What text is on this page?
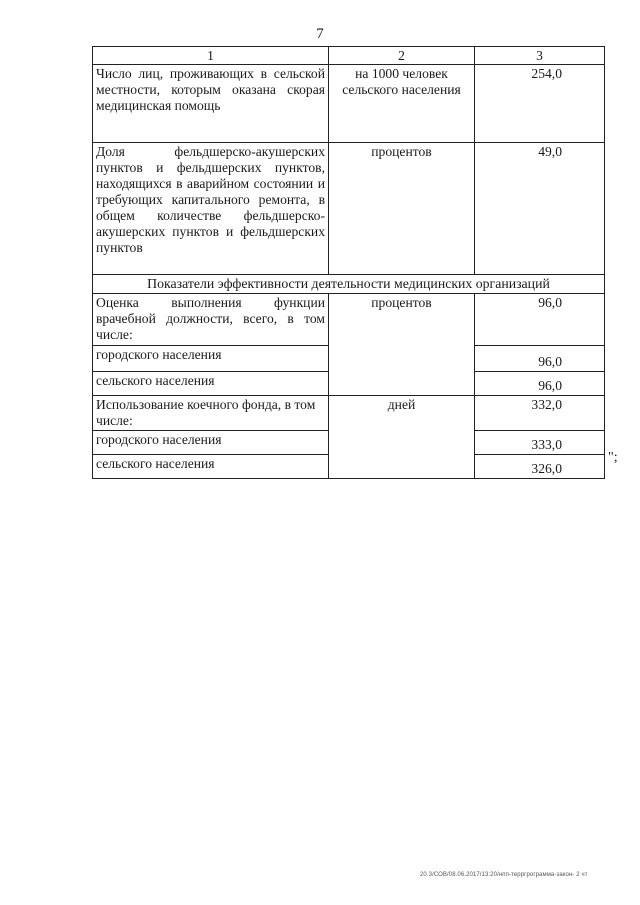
7
1	2	3
Число лиц, проживающих в сельской местности, которым оказана скорая медицинская помощь	на 1000 человек сельского населения	254,0
Доля фельдшерско-акушерских пунктов и фельдшерских пунктов, находящихся в аварийном состоянии и требующих капитального ремонта, в общем количестве фельдшерско-акушерских пунктов и фельдшерских пунктов	процентов	49,0
Показатели эффективности деятельности медицинских организаций		
Оценка выполнения функции врачебной должности, всего, в том числе:	процентов	96,0
городского населения		96,0
сельского населения		96,0
Использование коечного фонда, в том числе:	дней	332,0
городского населения		333,0
сельского населения		326,0
";
20.3/СОВ/08.06.2017/13:20/нпп-терргрограмма-закон- 2 чт
